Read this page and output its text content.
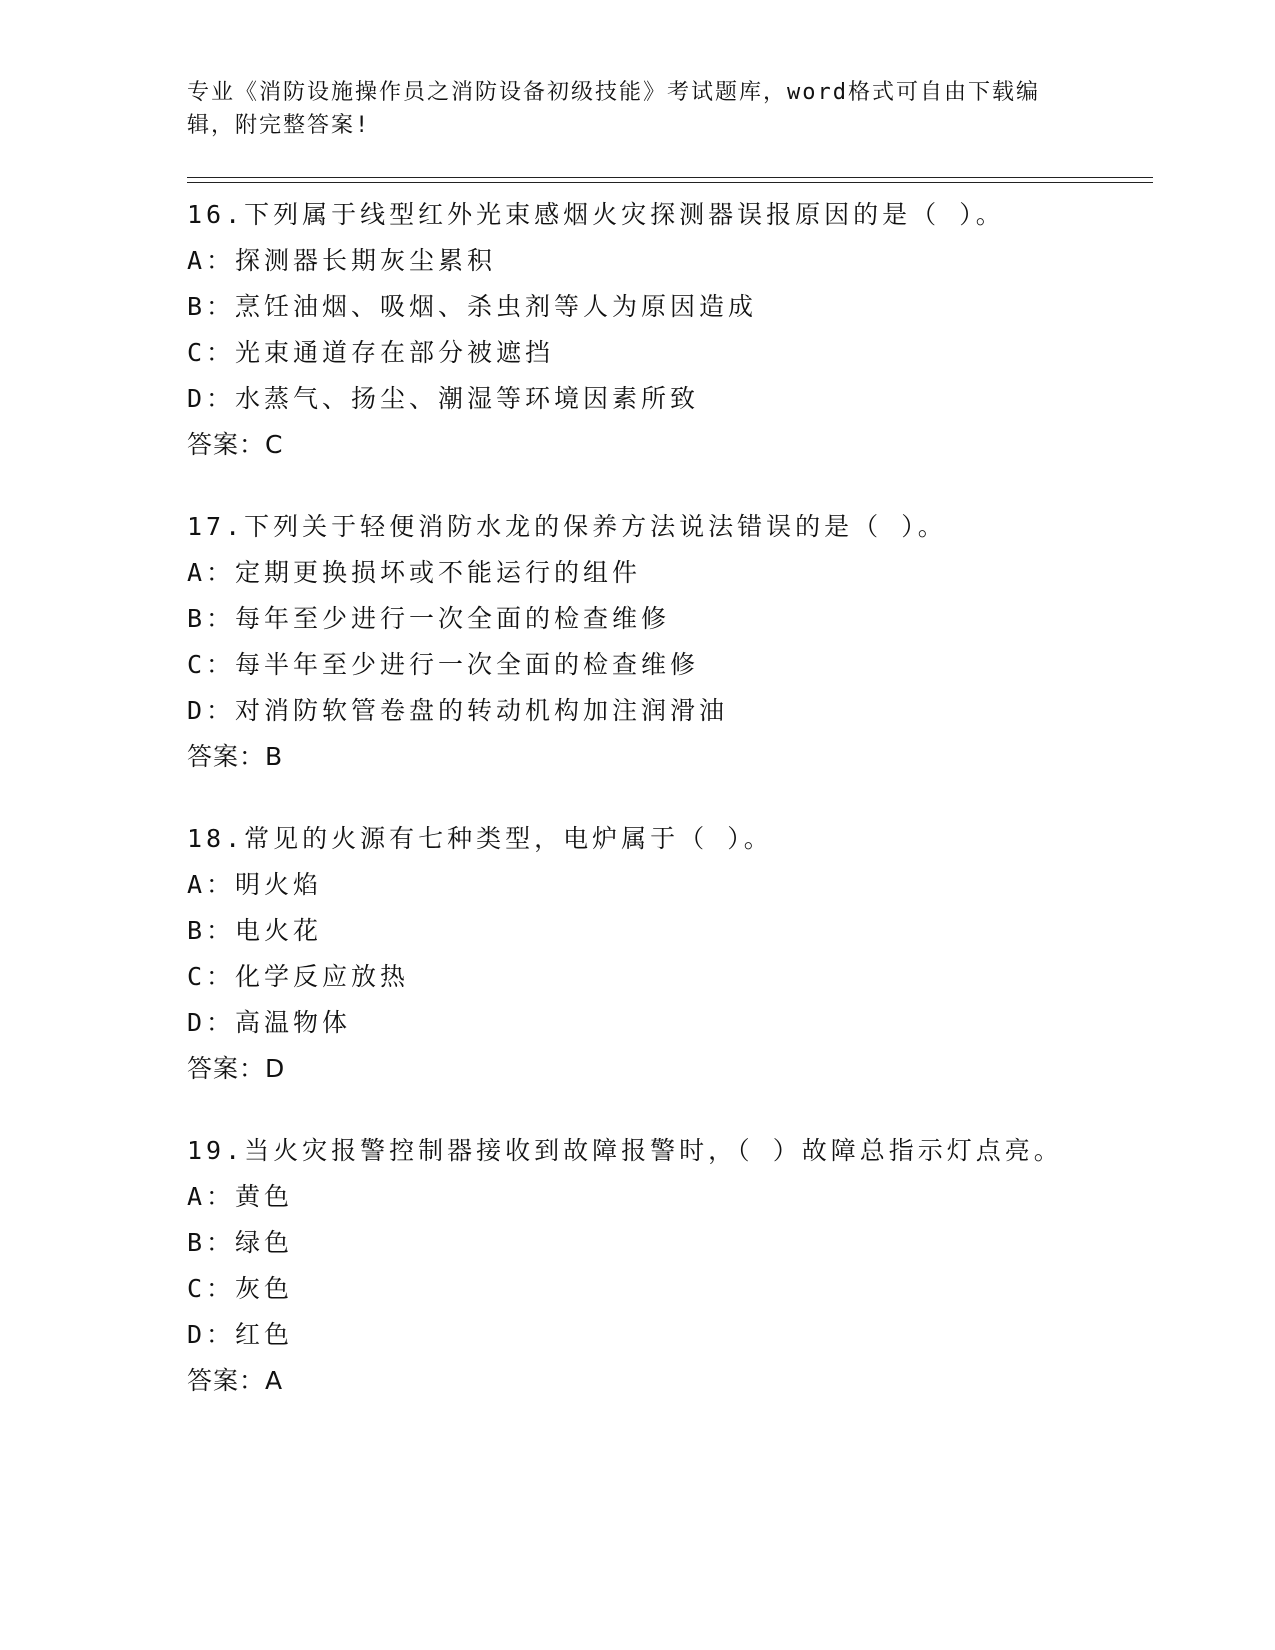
专业《消防设施操作员之消防设备初级技能》考试题库，word格式可自由下载编辑，附完整答案!
16.下列属于线型红外光束感烟火灾探测器误报原因的是（ ）。
A：探测器长期灰尘累积
B：烹饪油烟、吸烟、杀虫剂等人为原因造成
C：光束通道存在部分被遮挡
D：水蒸气、扬尘、潮湿等环境因素所致
答案：C
17.下列关于轻便消防水龙的保养方法说法错误的是（ ）。
A：定期更换损坏或不能运行的组件
B：每年至少进行一次全面的检查维修
C：每半年至少进行一次全面的检查维修
D：对消防软管卷盘的转动机构加注润滑油
答案：B
18.常见的火源有七种类型，电炉属于（ ）。
A：明火焰
B：电火花
C：化学反应放热
D：高温物体
答案：D
19.当火灾报警控制器接收到故障报警时，（ ）故障总指示灯点亮。
A：黄色
B：绿色
C：灰色
D：红色
答案：A
